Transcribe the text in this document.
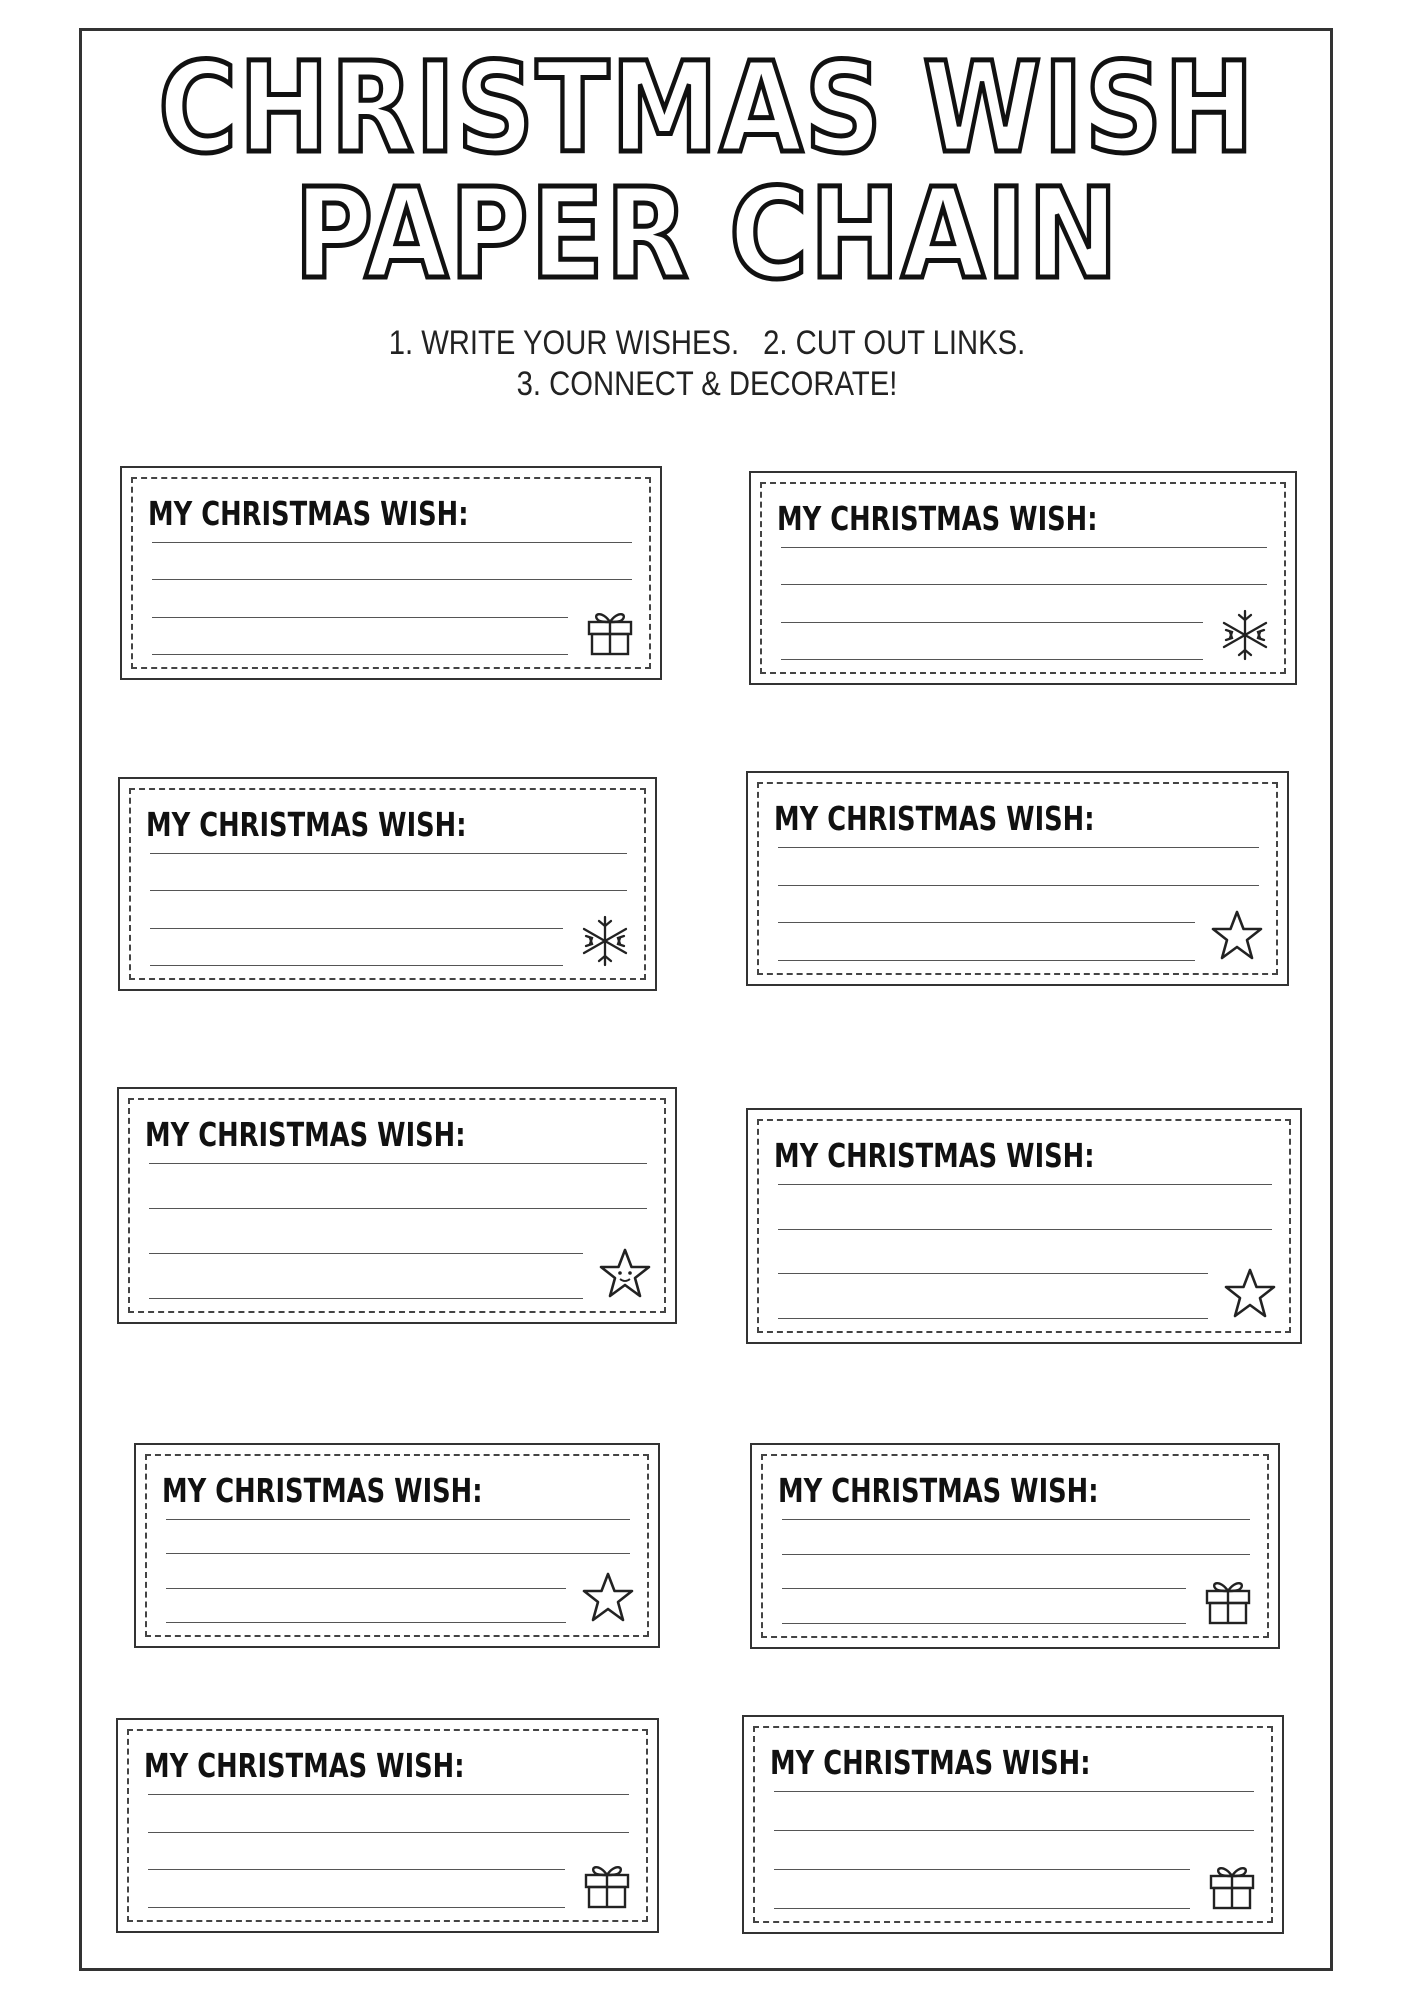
CHRISTMAS WISH
PAPER CHAIN
1. WRITE YOUR WISHES. 2. CUT OUT LINKS.
3. CONNECT & DECORATE!
MY CHRISTMAS WISH:	MY CHRISTMAS WISH:
MY CHRISTMAS WISH:	MY CHRISTMAS WISH:
MY CHRISTMAS WISH:
MY CHRISTMAS WISH:
MY CHRISTMAS WISH:	MY CHRISTMAS WISH:
MY CHRISTMAS WISH:	MY CHRISTMAS WISH:
